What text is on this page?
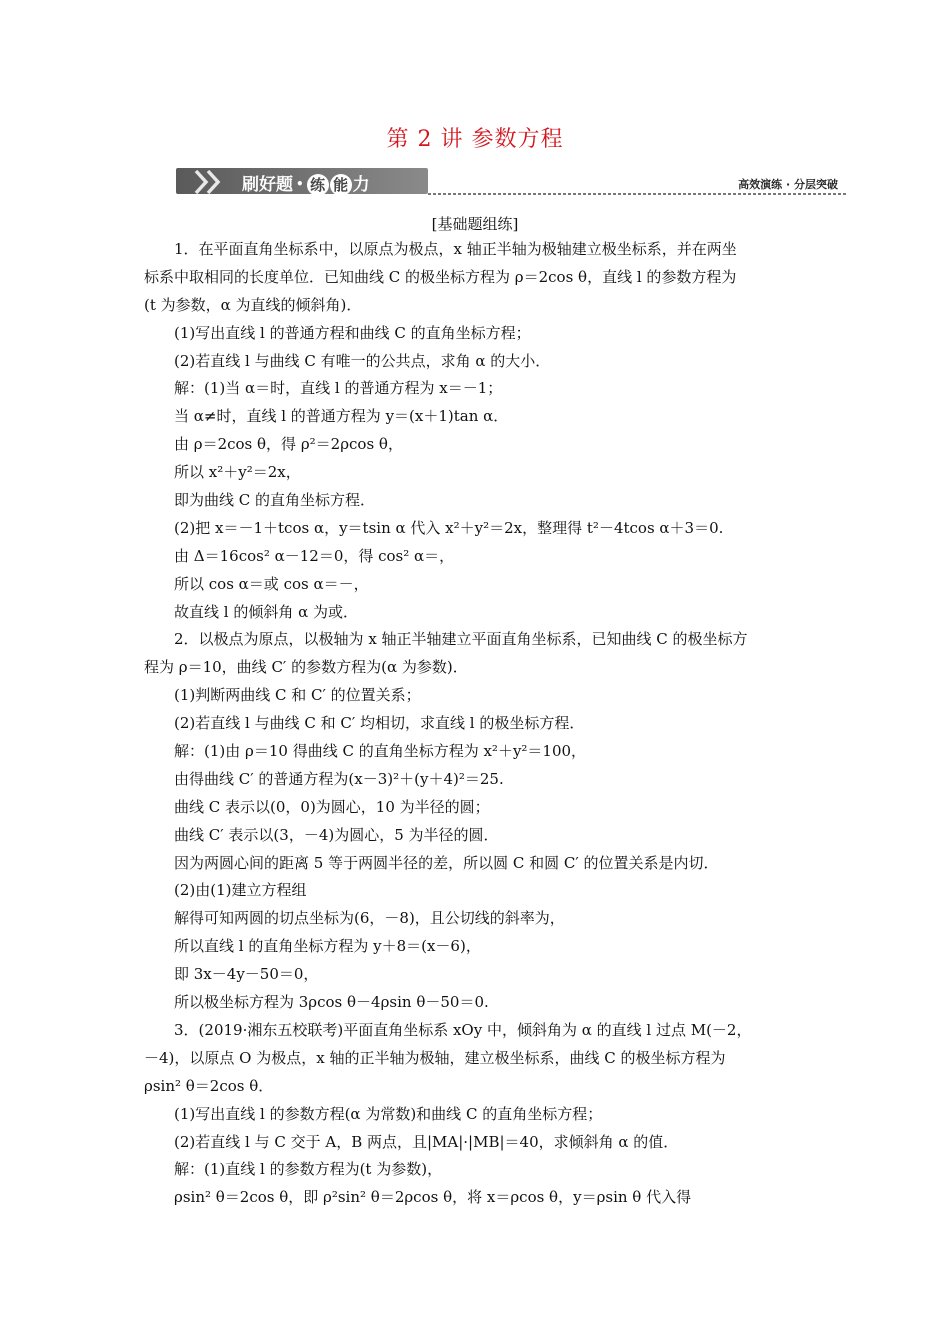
第 2 讲 参数方程
刷好题 • 练 能 力	高效演练 · 分层突破
[基础题组练]
1．在平面直角坐标系中，以原点为极点，x 轴正半轴为极轴建立极坐标系，并在两坐
标系中取相同的长度单位．已知曲线 C 的极坐标方程为 ρ＝2cos θ，直线 l 的参数方程为
(t 为参数，α 为直线的倾斜角)．
(1)写出直线 l 的普通方程和曲线 C 的直角坐标方程；
(2)若直线 l 与曲线 C 有唯一的公共点，求角 α 的大小．
解：(1)当 α＝时，直线 l 的普通方程为 x＝－1；
当 α≠时，直线 l 的普通方程为 y＝(x＋1)tan α．
由 ρ＝2cos θ，得 ρ²＝2ρcos θ，
所以 x²＋y²＝2x，
即为曲线 C 的直角坐标方程．
(2)把 x＝－1＋tcos α，y＝tsin α 代入 x²＋y²＝2x，整理得 t²－4tcos α＋3＝0.
由 Δ＝16cos² α－12＝0，得 cos² α＝，
所以 cos α＝或 cos α＝－，
故直线 l 的倾斜角 α 为或．
2．以极点为原点，以极轴为 x 轴正半轴建立平面直角坐标系，已知曲线 C 的极坐标方
程为 ρ＝10，曲线 C′ 的参数方程为(α 为参数)．
(1)判断两曲线 C 和 C′ 的位置关系；
(2)若直线 l 与曲线 C 和 C′ 均相切，求直线 l 的极坐标方程．
解：(1)由 ρ＝10 得曲线 C 的直角坐标方程为 x²＋y²＝100，
由得曲线 C′ 的普通方程为(x－3)²＋(y＋4)²＝25.
曲线 C 表示以(0，0)为圆心，10 为半径的圆；
曲线 C′ 表示以(3，－4)为圆心，5 为半径的圆．
因为两圆心间的距离 5 等于两圆半径的差，所以圆 C 和圆 C′ 的位置关系是内切．
(2)由(1)建立方程组
解得可知两圆的切点坐标为(6，－8)，且公切线的斜率为，
所以直线 l 的直角坐标方程为 y＋8＝(x－6)，
即 3x－4y－50＝0，
所以极坐标方程为 3ρcos θ－4ρsin θ－50＝0.
3．(2019·湘东五校联考)平面直角坐标系 xOy 中，倾斜角为 α 的直线 l 过点 M(－2，
－4)，以原点 O 为极点，x 轴的正半轴为极轴，建立极坐标系，曲线 C 的极坐标方程为
ρsin² θ＝2cos θ．
(1)写出直线 l 的参数方程(α 为常数)和曲线 C 的直角坐标方程；
(2)若直线 l 与 C 交于 A，B 两点，且|MA|·|MB|＝40，求倾斜角 α 的值．
解：(1)直线 l 的参数方程为(t 为参数)，
ρsin² θ＝2cos θ，即 ρ²sin² θ＝2ρcos θ，将 x＝ρcos θ，y＝ρsin θ 代入得
